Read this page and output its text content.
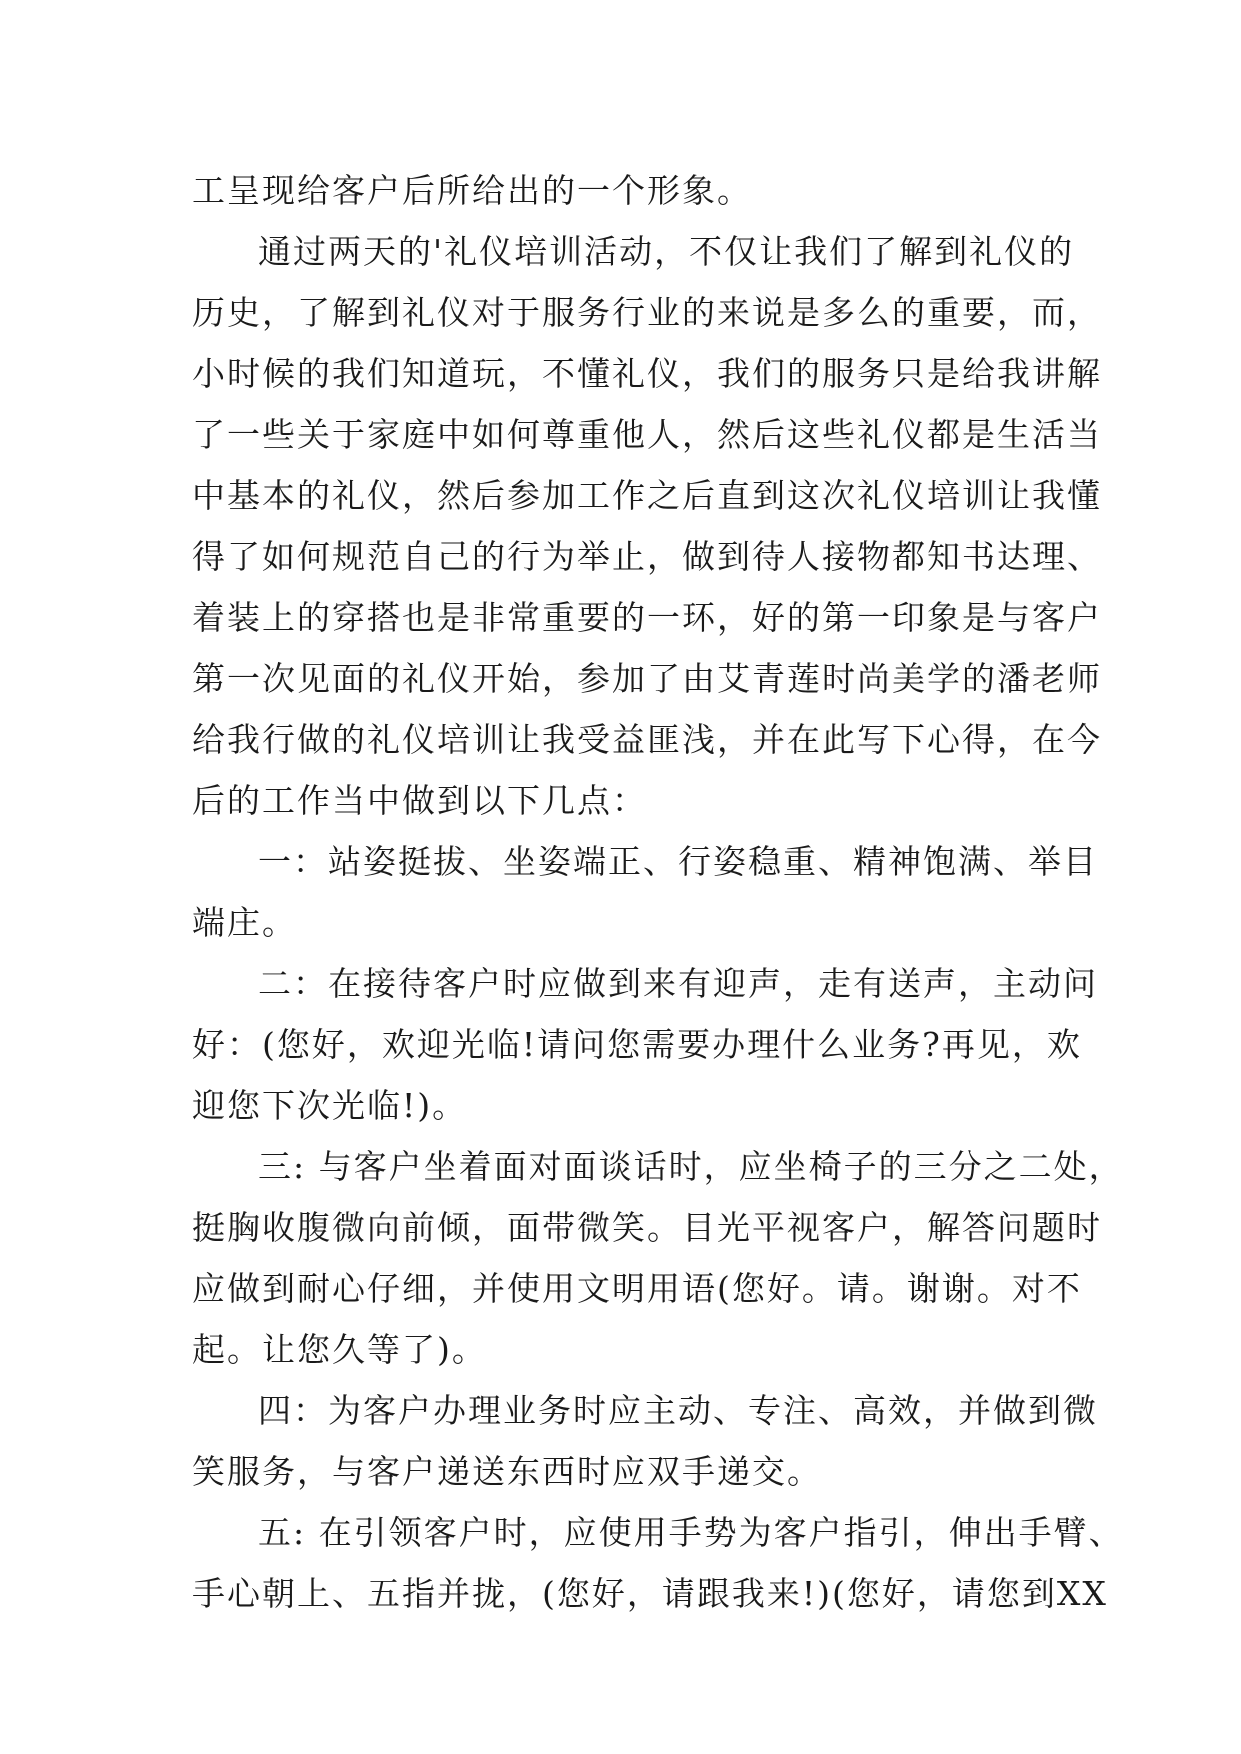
工呈现给客户后所给出的一个形象。
通过两天的'礼仪培训活动，不仅让我们了解到礼仪的
历史，了解到礼仪对于服务行业的来说是多么的重要，而，
小时候的我们知道玩，不懂礼仪，我们的服务只是给我讲解
了一些关于家庭中如何尊重他人，然后这些礼仪都是生活当
中基本的礼仪，然后参加工作之后直到这次礼仪培训让我懂
得了如何规范自己的行为举止，做到待人接物都知书达理、
着装上的穿搭也是非常重要的一环，好的第一印象是与客户
第一次见面的礼仪开始，参加了由艾青莲时尚美学的潘老师
给我行做的礼仪培训让我受益匪浅，并在此写下心得，在今
后的工作当中做到以下几点：
一：站姿挺拔、坐姿端正、行姿稳重、精神饱满、举目
端庄。
二：在接待客户时应做到来有迎声，走有送声，主动问
好：(您好，欢迎光临!请问您需要办理什么业务?再见，欢
迎您下次光临!)。
三: 与客户坐着面对面谈话时，应坐椅子的三分之二处，
挺胸收腹微向前倾，面带微笑。目光平视客户，解答问题时
应做到耐心仔细，并使用文明用语(您好。请。谢谢。对不
起。让您久等了)。
四：为客户办理业务时应主动、专注、高效，并做到微
笑服务，与客户递送东西时应双手递交。
五: 在引领客户时，应使用手势为客户指引，伸出手臂、
手心朝上、五指并拢，(您好，请跟我来!)(您好，请您到XX
